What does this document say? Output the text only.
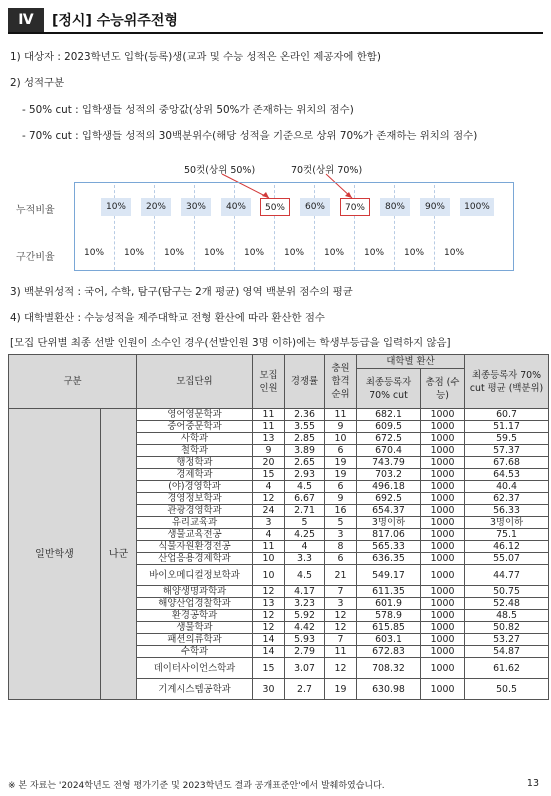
Ⅳ	[정시] 수능위주전형
1) 대상자 : 2023학년도 입학(등록)생(교과 및 수능 성적은 온라인 제공자에 한함)
2) 성적구분
- 50% cut : 입학생들 성적의 중앙값(상위 50%가 존재하는 위치의 점수)
- 70% cut : 입학생들 성적의 30백분위수(해당 성적을 기준으로 상위 70%가 존재하는 위치의 점수)
50컷(상위 50%)	70컷(상위 70%)
누적비율
구간비율
10%	20%	30%	40%	50%	60%	70%	80%	90%	100%
10% 10% 10% 10% 10% 10% 10% 10% 10% 10%
3) 백분위성적 : 국어, 수학, 탐구(탐구는 2개 평균) 영역 백분위 점수의 평균
4) 대학별환산 : 수능성적을 제주대학교 전형 환산에 따라 환산한 점수
[모집 단위별 최종 선발 인원이 소수인 경우(선발인원 3명 이하)에는 학생부등급을 입력하지 않음]
구분		모집단위	모집 인원	경쟁률	충원 합격 순위	대학별 환산		최종등록자 70% cut 평균 (백분위)
						최종등록자 70% cut	총점 (수능)	
일반학생	나군	영어영문학과	11	2.36	11	682.1	1000	60.7
		중어중문학과	11	3.55	9	609.5	1000	51.17
		사학과	13	2.85	10	672.5	1000	59.5
		철학과	9	3.89	6	670.4	1000	57.37
		행정학과	20	2.65	19	743.79	1000	67.68
		경제학과	15	2.93	19	703.2	1000	64.53
		(야)경영학과	4	4.5	6	496.18	1000	40.4
		경영정보학과	12	6.67	9	692.5	1000	62.37
		관광경영학과	24	2.71	16	654.37	1000	56.33
		유리교육과	3	5	5	3명이하	1000	3명이하
		생물교육전공	4	4.25	3	817.06	1000	75.1
		식물자원환경전공	11	4	8	565.33	1000	46.12
		산업응용경제학과	10	3.3	6	636.35	1000	55.07
		바이오메디컬정보학과	10	4.5	21	549.17	1000	44.77
		해양생명과학과	12	4.17	7	611.35	1000	50.75
		해양산업경찰학과	13	3.23	3	601.9	1000	52.48
		환경공학과	12	5.92	12	578.9	1000	48.5
		생물학과	12	4.42	12	615.85	1000	50.82
		패션의류학과	14	5.93	7	603.1	1000	53.27
		수학과	14	2.79	11	672.83	1000	54.87
		데이터사이언스학과	15	3.07	12	708.32	1000	61.62
		기계시스템공학과	30	2.7	19	630.98	1000	50.5
※ 본 자료는 '2024학년도 전형 평가기준 및 2023학년도 결과 공개표준안'에서 발췌하였습니다.	13
